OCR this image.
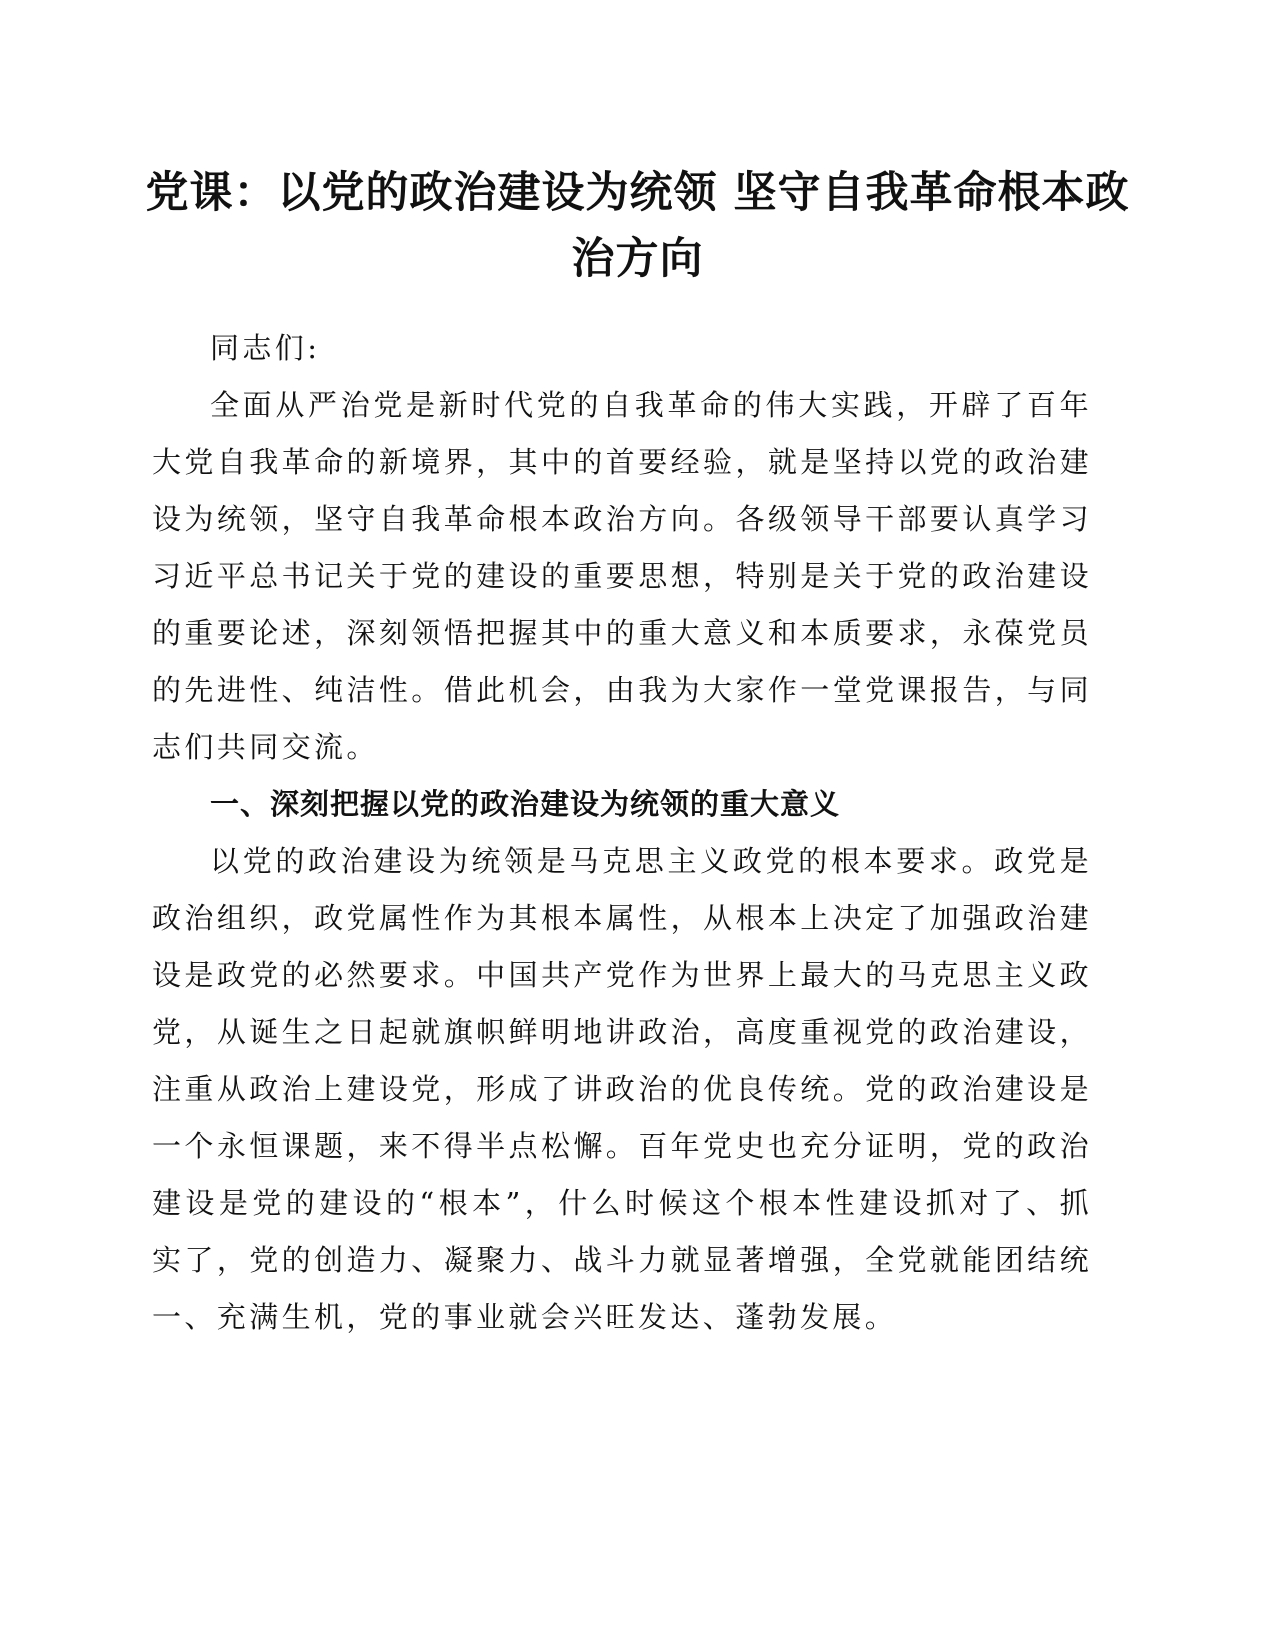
党课：以党的政治建设为统领 坚守自我革命根本政治方向

同志们:

全面从严治党是新时代党的自我革命的伟大实践，开辟了百年大党自我革命的新境界，其中的首要经验，就是坚持以党的政治建设为统领，坚守自我革命根本政治方向。各级领导干部要认真学习习近平总书记关于党的建设的重要思想，特别是关于党的政治建设的重要论述，深刻领悟把握其中的重大意义和本质要求，永葆党员的先进性、纯洁性。借此机会，由我为大家作一堂党课报告，与同志们共同交流。

一、深刻把握以党的政治建设为统领的重大意义

以党的政治建设为统领是马克思主义政党的根本要求。政党是政治组织，政党属性作为其根本属性，从根本上决定了加强政治建设是政党的必然要求。中国共产党作为世界上最大的马克思主义政党，从诞生之日起就旗帜鲜明地讲政治，高度重视党的政治建设，注重从政治上建设党，形成了讲政治的优良传统。党的政治建设是一个永恒课题，来不得半点松懈。百年党史也充分证明，党的政治建设是党的建设的“根本”，什么时候这个根本性建设抓对了、抓实了，党的创造力、凝聚力、战斗力就显著增强，全党就能团结统一、充满生机，党的事业就会兴旺发达、蓬勃发展。
